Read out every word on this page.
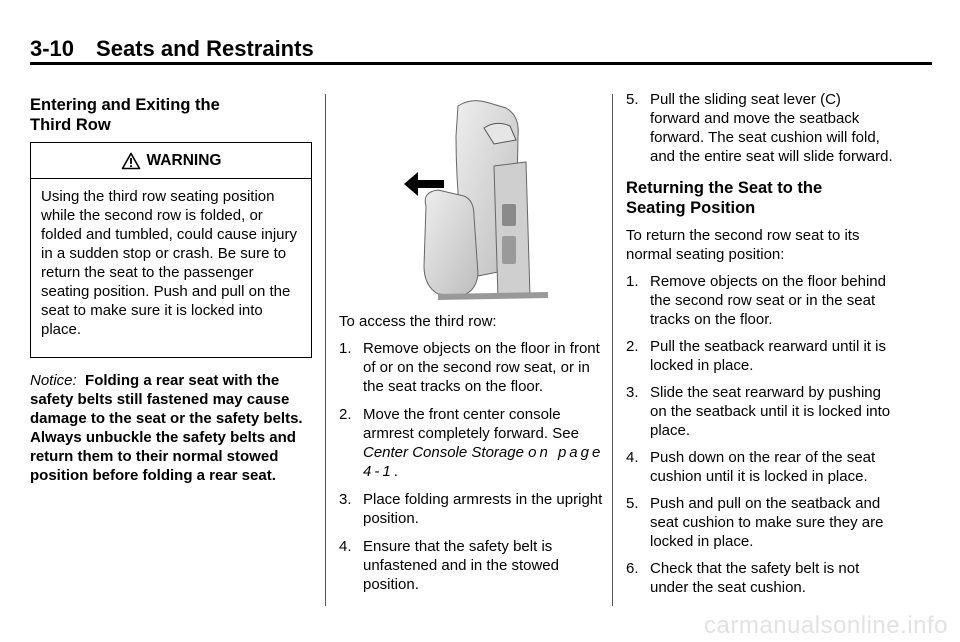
3-10 Seats and Restraints

Entering and Exiting the

Third Row

WARNING
Using the third row seating position while the second row is folded, or folded and tumbled, could cause injury in a sudden stop or crash. Be sure to return the seat to the passenger seating position. Push and pull on the seat to make sure it is locked into place.
Notice: Folding a rear seat with the safety belts still fastened may cause damage to the seat or the safety belts. Always unbuckle the safety belts and return them to their normal stowed position before folding a rear seat.

To access the third row:

1. Remove objects on the floor in front of or on the second row seat, or in the seat tracks on the floor.
2. Move the front center console armrest completely forward. See
Center Console Storage on page 4-1.
3. Place folding armrests in the upright position.
4. Ensure that the safety belt is unfastened and in the stowed position.
5. Pull the sliding seat lever (C) forward and move the seatback forward. The seat cushion will fold, and the entire seat will slide forward.

Returning the Seat to the

Seating Position

To return the second row seat to its normal seating position:

1. Remove objects on the floor behind the second row seat or in the seat tracks on the floor.
2. Pull the seatback rearward until it is locked in place.
3. Slide the seat rearward by pushing on the seatback until it is locked into place.
4. Push down on the rear of the seat cushion until it is locked in place.
5. Push and pull on the seatback and seat cushion to make sure they are locked in place.
6. Check that the safety belt is not under the seat cushion.
carmanualsonline.info
